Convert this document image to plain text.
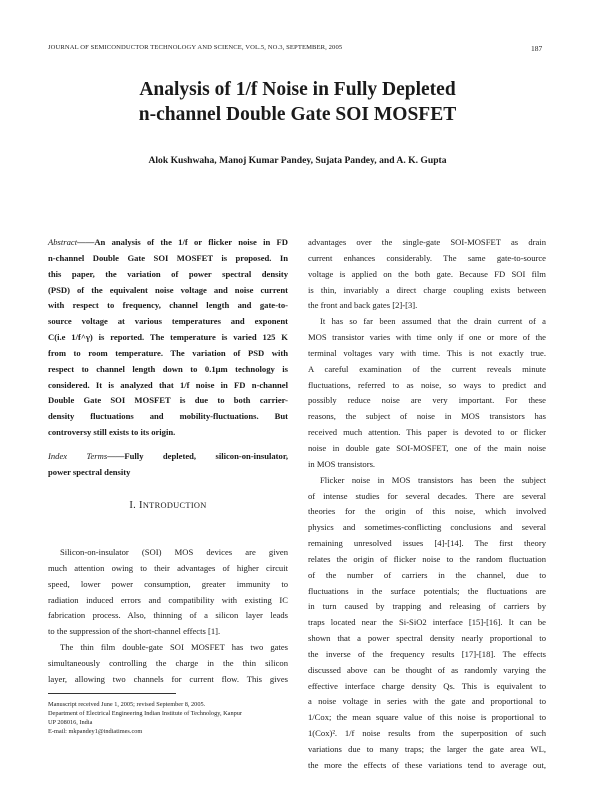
JOURNAL OF SEMICONDUCTOR TECHNOLOGY AND SCIENCE, VOL.5, NO.3, SEPTEMBER, 2005	187
Analysis of 1/f Noise in Fully Depleted
n-channel Double Gate SOI MOSFET
Alok Kushwaha, Manoj Kumar Pandey, Sujata Pandey, and A. K. Gupta
Abstract——An analysis of the 1/f or flicker noise in FD
n-channel Double Gate SOI MOSFET is proposed. In
this paper, the variation of power spectral density
(PSD) of the equivalent noise voltage and noise current
with respect to frequency, channel length and gate-to-
source voltage at various temperatures and exponent
C(i.e 1/f^γ) is reported. The temperature is varied 125 K
from to room temperature. The variation of PSD with
respect to channel length down to 0.1μm technology is
considered. It is analyzed that 1/f noise in FD n-channel
Double Gate SOI MOSFET is due to both carrier-
density fluctuations and mobility-fluctuations. But
controversy still exists to its origin.
Index Terms——Fully depleted, silicon-on-insulator,
power spectral density
I. INTRODUCTION
Silicon-on-insulator (SOI) MOS devices are given
much attention owing to their advantages of higher circuit
speed, lower power consumption, greater immunity to
radiation induced errors and compatibility with existing IC
fabrication process. Also, thinning of a silicon layer leads
to the suppression of the short-channel effects [1].
The thin film double-gate SOI MOSFET has two gates
simultaneously controlling the charge in the thin silicon
layer, allowing two channels for current flow. This gives
Manuscript received June 1, 2005; revised September 8, 2005.
Department of Electrical Engineering Indian Institute of Technology, Kanpur
UP 208016, India
E-mail: mkpandey1@indiatimes.com
advantages over the single-gate SOI-MOSFET as drain
current enhances considerably. The same gate-to-source
voltage is applied on the both gate. Because FD SOI film
is thin, invariably a direct charge coupling exists between
the front and back gates [2]-[3].
It has so far been assumed that the drain current of a
MOS transistor varies with time only if one or more of the
terminal voltages vary with time. This is not exactly true.
A careful examination of the current reveals minute
fluctuations, referred to as noise, so ways to predict and
possibly reduce noise are very important. For these
reasons, the subject of noise in MOS transistors has
received much attention. This paper is devoted to or flicker
noise in double gate SOI-MOSFET, one of the main noise
in MOS transistors.
Flicker noise in MOS transistors has been the subject
of intense studies for several decades. There are several
theories for the origin of this noise, which involved
physics and sometimes-conflicting conclusions and several
remaining unresolved issues [4]-[14]. The first theory
relates the origin of flicker noise to the random fluctuation
of the number of carriers in the channel, due to
fluctuations in the surface potentials; the fluctuations are
in turn caused by trapping and releasing of carriers by
traps located near the Si-SiO2 interface [15]-[16]. It can be
shown that a power spectral density nearly proportional to
the inverse of the frequency results [17]-[18]. The effects
discussed above can be thought of as randomly varying the
effective interface charge density Qs. This is equivalent to
a noise voltage in series with the gate and proportional to
1/Cox; the mean square value of this noise is proportional to
1(Cox)². 1/f noise results from the superposition of such
variations due to many traps; the larger the gate area WL,
the more the effects of these variations tend to average out,
